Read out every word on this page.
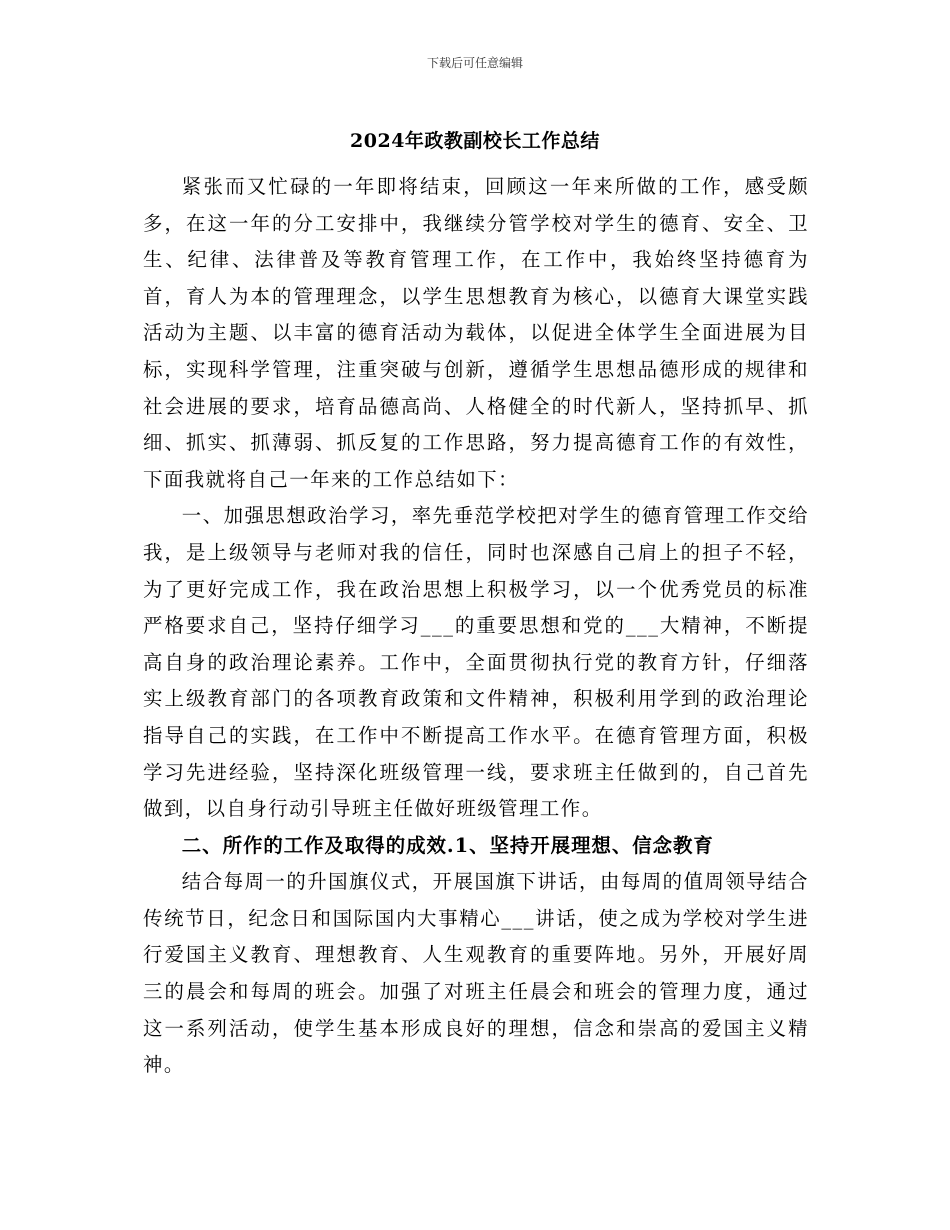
下载后可任意编辑
2024年政教副校长工作总结

紧张而又忙碌的一年即将结束，回顾这一年来所做的工作，感受颇多，在这一年的分工安排中，我继续分管学校对学生的德育、安全、卫生、纪律、法律普及等教育管理工作，在工作中，我始终坚持德育为首，育人为本的管理理念，以学生思想教育为核心，以德育大课堂实践活动为主题、以丰富的德育活动为载体，以促进全体学生全面进展为目标，实现科学管理，注重突破与创新，遵循学生思想品德形成的规律和社会进展的要求，培育品德高尚、人格健全的时代新人，坚持抓早、抓细、抓实、抓薄弱、抓反复的工作思路，努力提高德育工作的有效性，下面我就将自己一年来的工作总结如下：

一、加强思想政治学习，率先垂范学校把对学生的德育管理工作交给我，是上级领导与老师对我的信任，同时也深感自己肩上的担子不轻，为了更好完成工作，我在政治思想上积极学习，以一个优秀党员的标准严格要求自己，坚持仔细学习___的重要思想和党的___大精神，不断提高自身的政治理论素养。工作中，全面贯彻执行党的教育方针，仔细落实上级教育部门的各项教育政策和文件精神，积极利用学到的政治理论指导自己的实践，在工作中不断提高工作水平。在德育管理方面，积极学习先进经验，坚持深化班级管理一线，要求班主任做到的，自己首先做到，以自身行动引导班主任做好班级管理工作。

二、所作的工作及取得的成效.1、坚持开展理想、信念教育

结合每周一的升国旗仪式，开展国旗下讲话，由每周的值周领导结合传统节日，纪念日和国际国内大事精心___讲话，使之成为学校对学生进行爱国主义教育、理想教育、人生观教育的重要阵地。另外，开展好周三的晨会和每周的班会。加强了对班主任晨会和班会的管理力度，通过这一系列活动，使学生基本形成良好的理想，信念和崇高的爱国主义精神。
